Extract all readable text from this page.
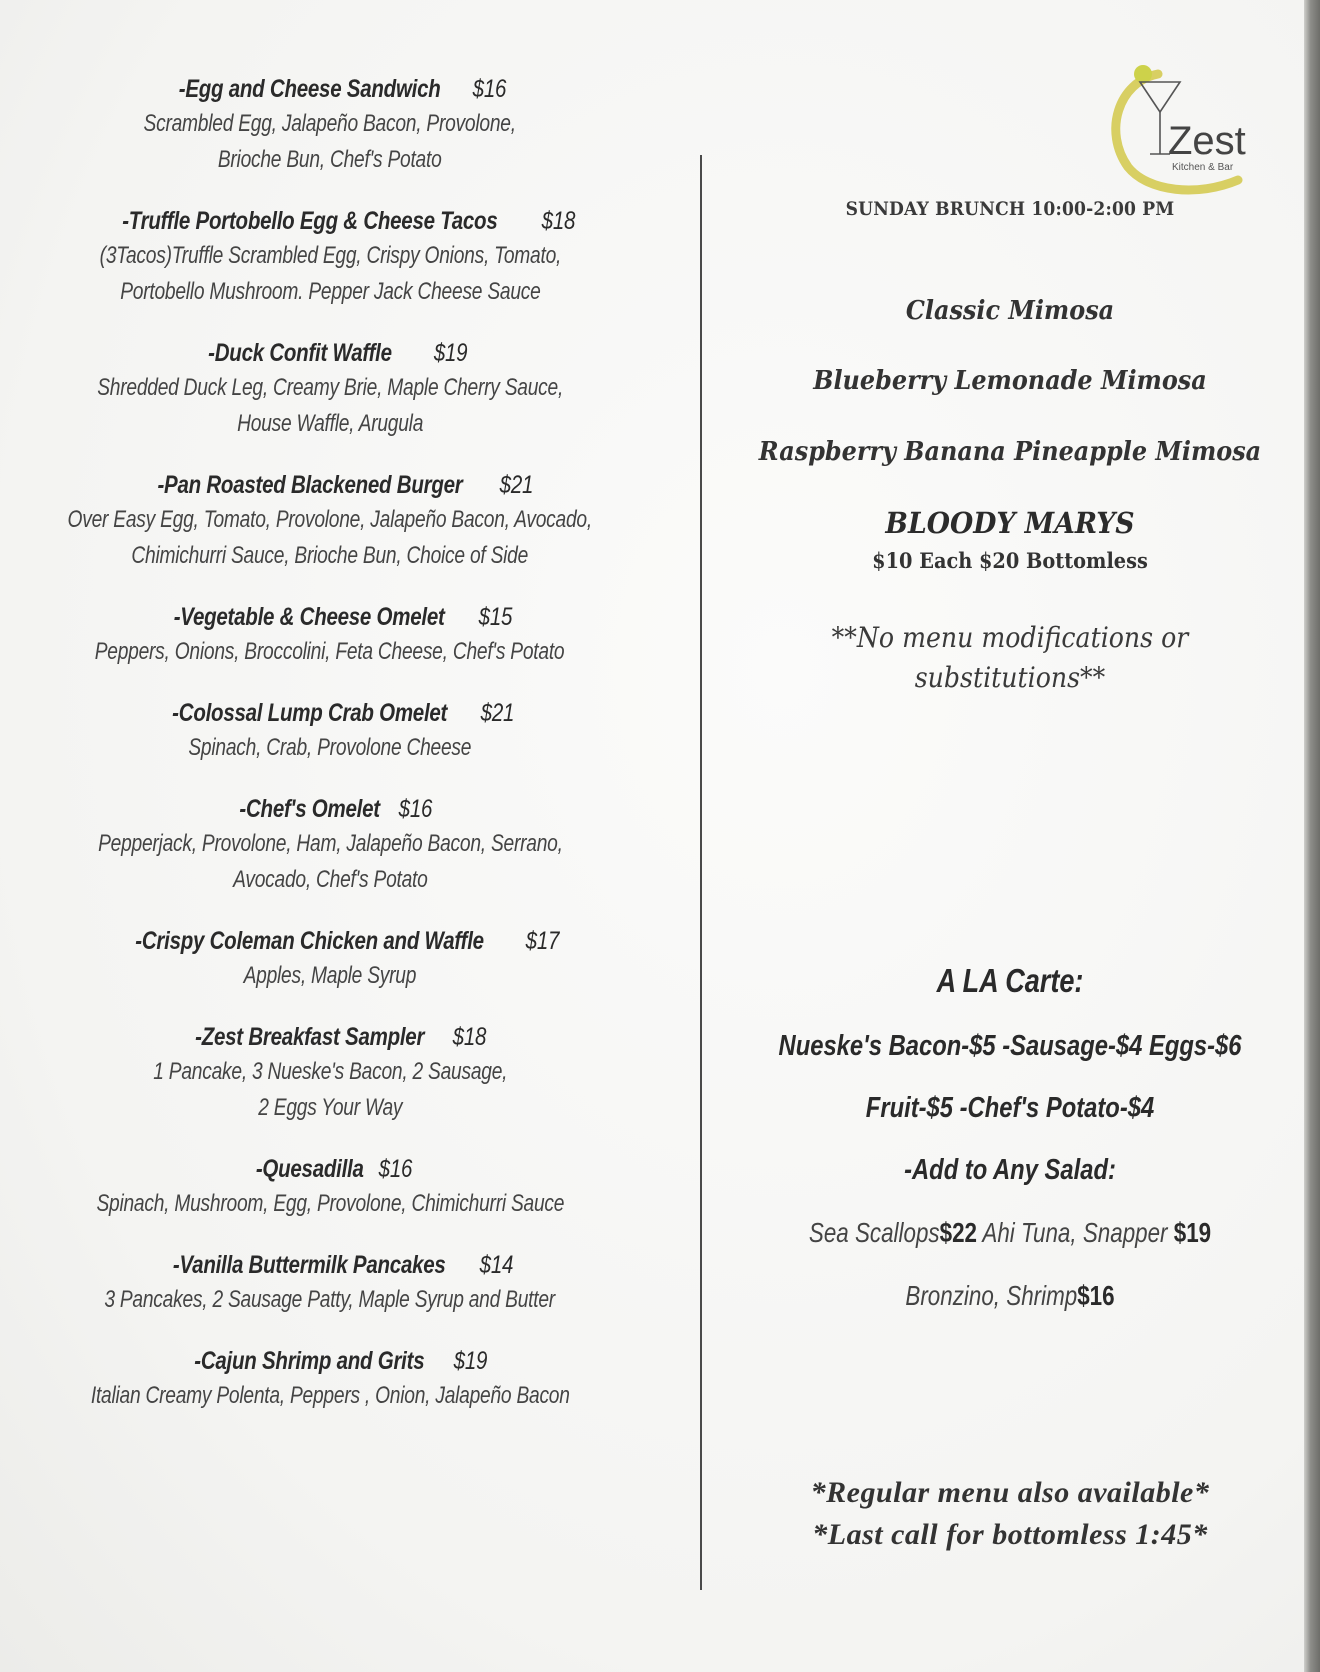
-Egg and Cheese Sandwich $16
Scrambled Egg, Jalapeño Bacon, Provolone,
Brioche Bun, Chef's Potato
-Truffle Portobello Egg & Cheese Tacos $18
(3Tacos)Truffle Scrambled Egg, Crispy Onions, Tomato,
Portobello Mushroom. Pepper Jack Cheese Sauce
-Duck Confit Waffle   $19
Shredded Duck Leg, Creamy Brie, Maple Cherry Sauce,
House Waffle, Arugula
-Pan Roasted Blackened Burger $21
Over Easy Egg, Tomato, Provolone, Jalapeño Bacon, Avocado,
Chimichurri Sauce, Brioche Bun, Choice of Side
-Vegetable & Cheese Omelet $15
Peppers, Onions, Broccolini, Feta Cheese, Chef's Potato
-Colossal Lump Crab Omelet $21
Spinach, Crab, Provolone Cheese
-Chef's Omelet $16
Pepperjack, Provolone, Ham, Jalapeño Bacon, Serrano,
Avocado, Chef's Potato
-Crispy Coleman Chicken and Waffle $17
Apples, Maple Syrup
-Zest Breakfast Sampler $18
1 Pancake, 3 Nueske's Bacon, 2 Sausage,
2 Eggs Your Way
-Quesadilla $16
Spinach, Mushroom, Egg, Provolone, Chimichurri Sauce
-Vanilla Buttermilk Pancakes $14
3 Pancakes, 2 Sausage Patty, Maple Syrup and Butter
-Cajun Shrimp and Grits $19
Italian Creamy Polenta, Peppers , Onion, Jalapeño Bacon
Zest
Kitchen & Bar
SUNDAY BRUNCH 10:00-2:00 PM
Classic Mimosa
Blueberry Lemonade Mimosa
Raspberry Banana Pineapple Mimosa
BLOODY MARYS
$10 Each $20 Bottomless
**No menu modifications or
substitutions**
A LA Carte:
Nueske's Bacon-$5 -Sausage-$4 Eggs-$6
Fruit-$5 -Chef's Potato-$4
-Add to Any Salad:
Sea Scallops$22 Ahi Tuna, Snapper $19
Bronzino, Shrimp$16
*Regular menu also available*
*Last call for bottomless 1:45*
